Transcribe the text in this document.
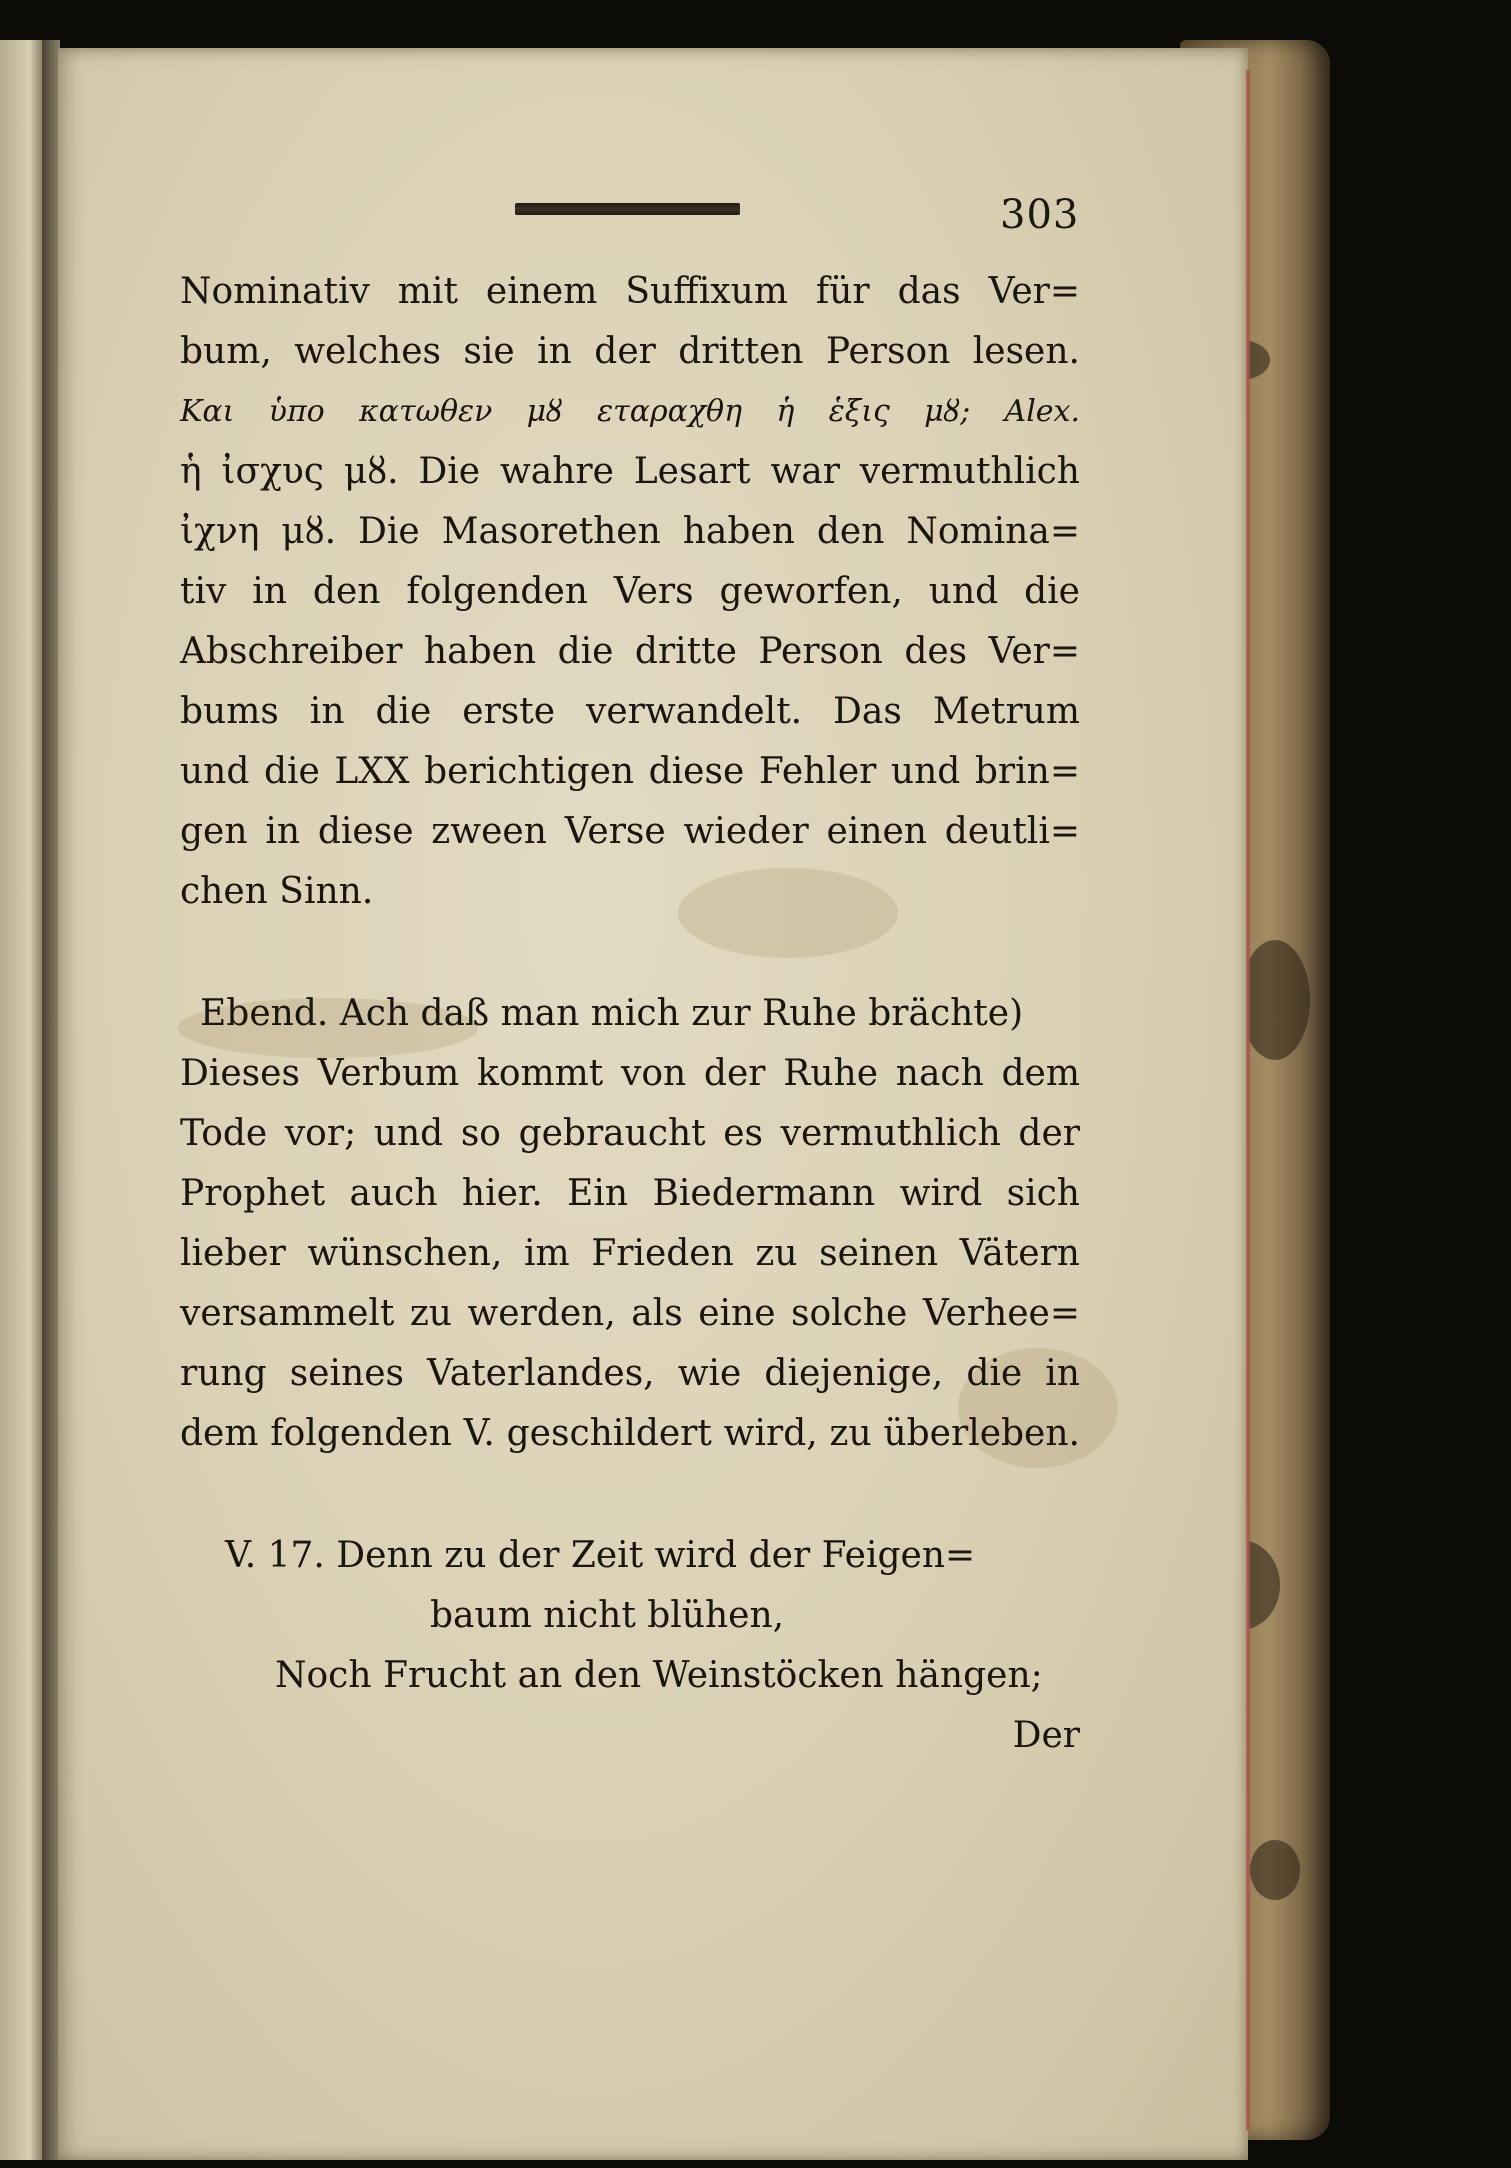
303
Nominativ mit einem Suffixum für das Ver=
bum, welches sie in der dritten Person lesen.
Και ὑπο κατωθεν μȣ εταραχθη ἡ ἑξις μȣ; Alex.
ἡ ἰσχυς μȣ. Die wahre Lesart war vermuthlich
ἰχνη μȣ. Die Masorethen haben den Nomina=
tiv in den folgenden Vers geworfen, und die
Abschreiber haben die dritte Person des Ver=
bums in die erste verwandelt. Das Metrum
und die LXX berichtigen diese Fehler und brin=
gen in diese zween Verse wieder einen deutli=
chen Sinn.
Ebend. Ach daß man mich zur Ruhe brächte)
Dieses Verbum kommt von der Ruhe nach dem
Tode vor; und so gebraucht es vermuthlich der
Prophet auch hier. Ein Biedermann wird sich
lieber wünschen, im Frieden zu seinen Vätern
versammelt zu werden, als eine solche Verhee=
rung seines Vaterlandes, wie diejenige, die in
dem folgenden V. geschildert wird, zu überleben.
V. 17. Denn zu der Zeit wird der Feigen=
baum nicht blühen,
Noch Frucht an den Weinstöcken hängen;
Der
